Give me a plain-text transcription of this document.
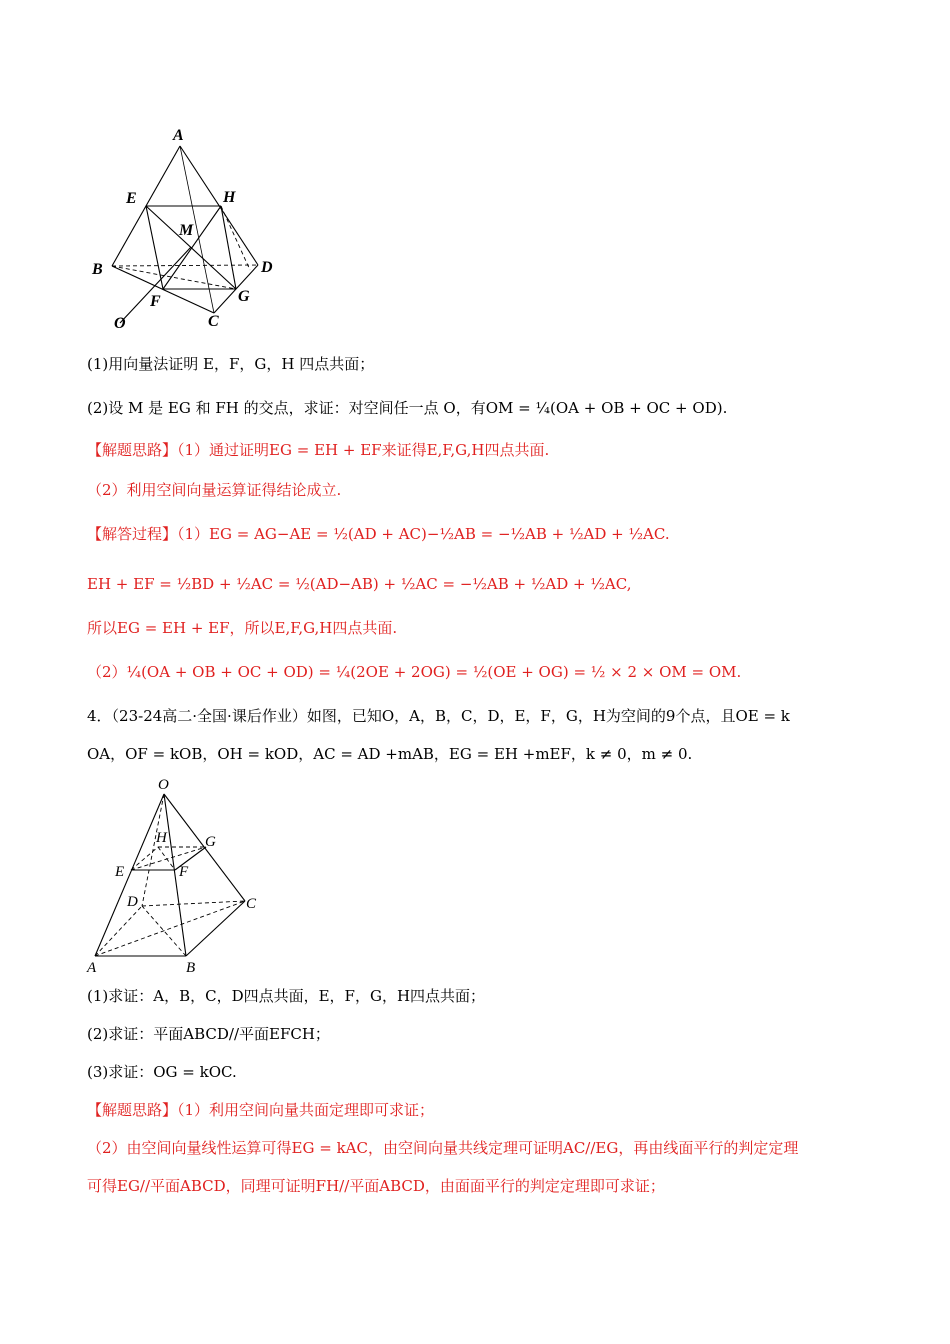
A
E	H
M
B	D
F	G
O	C
(1)用向量法证明 E，F，G，H 四点共面；
(2)设 M 是 EG 和 FH 的交点，求证：对空间任一点 O，有OM = ¼(OA + OB + OC + OD).
【解题思路】（1）通过证明EG = EH + EF来证得E,F,G,H四点共面.
（2）利用空间向量运算证得结论成立.
【解答过程】（1）EG = AG−AE = ½(AD + AC)−½AB = −½AB + ½AD + ½AC.
EH + EF = ½BD + ½AC = ½(AD−AB) + ½AC = −½AB + ½AD + ½AC,
所以EG = EH + EF，所以E,F,G,H四点共面.
（2）¼(OA + OB + OC + OD) = ¼(2OE + 2OG) = ½(OE + OG) = ½ × 2 × OM = OM.
4．（23-24高二·全国·课后作业）如图，已知O，A，B，C，D，E，F，G，H为空间的9个点，且OE = k
OA，OF = kOB，OH = kOD，AC = AD +mAB，EG = EH +mEF，k ≠ 0，m ≠ 0.
O
H	G
E	F
D	C
A	B
(1)求证：A，B，C，D四点共面，E，F，G，H四点共面；
(2)求证：平面ABCD//平面EFCH；
(3)求证：OG = kOC.
【解题思路】（1）利用空间向量共面定理即可求证；
（2）由空间向量线性运算可得EG = kAC，由空间向量共线定理可证明AC//EG，再由线面平行的判定定理
可得EG//平面ABCD，同理可证明FH//平面ABCD，由面面平行的判定定理即可求证；
